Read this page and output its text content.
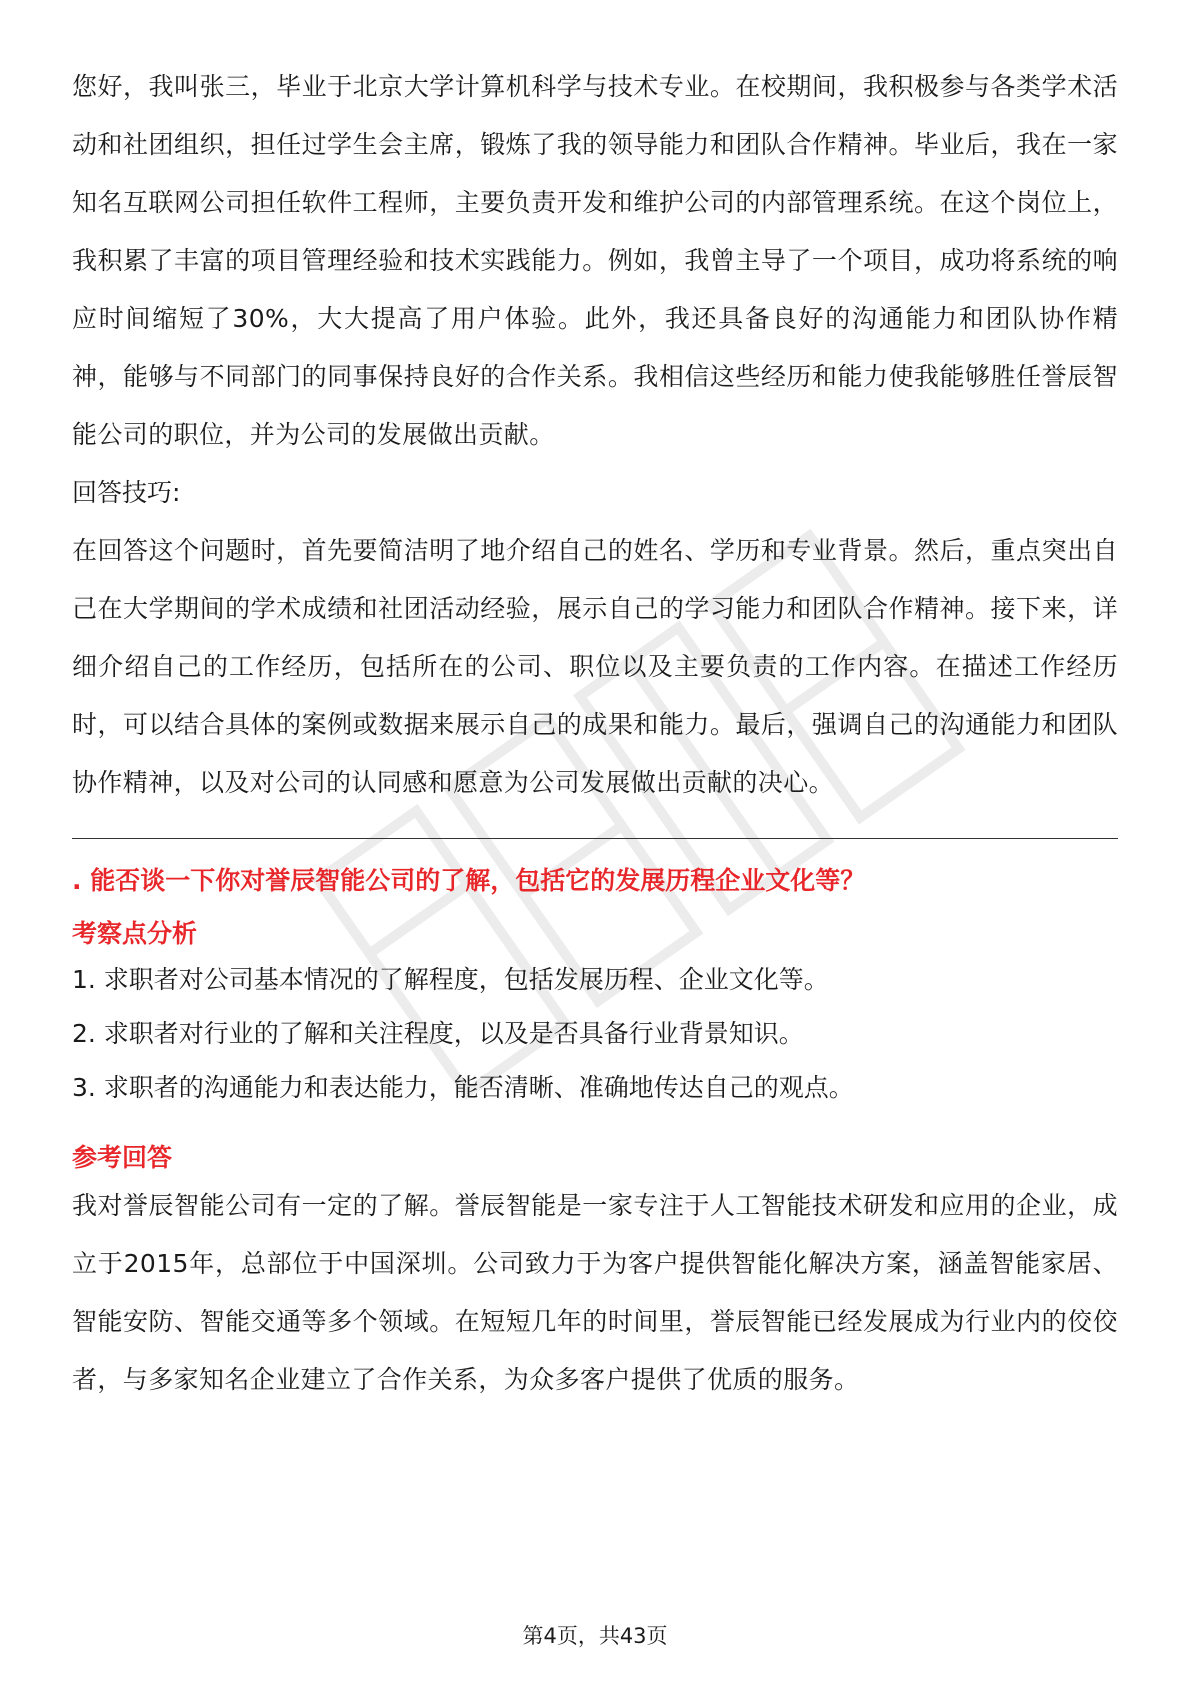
您好，我叫张三，毕业于北京大学计算机科学与技术专业。在校期间，我积极参与各类学术活动和社团组织，担任过学生会主席，锻炼了我的领导能力和团队合作精神。毕业后，我在一家知名互联网公司担任软件工程师，主要负责开发和维护公司的内部管理系统。在这个岗位上，我积累了丰富的项目管理经验和技术实践能力。例如，我曾主导了一个项目，成功将系统的响应时间缩短了30%，大大提高了用户体验。此外，我还具备良好的沟通能力和团队协作精神，能够与不同部门的同事保持良好的合作关系。我相信这些经历和能力使我能够胜任誉辰智能公司的职位，并为公司的发展做出贡献。

回答技巧:

在回答这个问题时，首先要简洁明了地介绍自己的姓名、学历和专业背景。然后，重点突出自己在大学期间的学术成绩和社团活动经验，展示自己的学习能力和团队合作精神。接下来，详细介绍自己的工作经历，包括所在的公司、职位以及主要负责的工作内容。在描述工作经历时，可以结合具体的案例或数据来展示自己的成果和能力。最后，强调自己的沟通能力和团队协作精神，以及对公司的认同感和愿意为公司发展做出贡献的决心。

. 能否谈一下你对誉辰智能公司的了解，包括它的发展历程企业文化等？
考察点分析
1. 求职者对公司基本情况的了解程度，包括发展历程、企业文化等。
2. 求职者对行业的了解和关注程度，以及是否具备行业背景知识。
3. 求职者的沟通能力和表达能力，能否清晰、准确地传达自己的观点。
参考回答

我对誉辰智能公司有一定的了解。誉辰智能是一家专注于人工智能技术研发和应用的企业，成立于2015年，总部位于中国深圳。公司致力于为客户提供智能化解决方案，涵盖智能家居、智能安防、智能交通等多个领域。在短短几年的时间里，誉辰智能已经发展成为行业内的佼佼者，与多家知名企业建立了合作关系，为众多客户提供了优质的服务。

第4页，共43页
